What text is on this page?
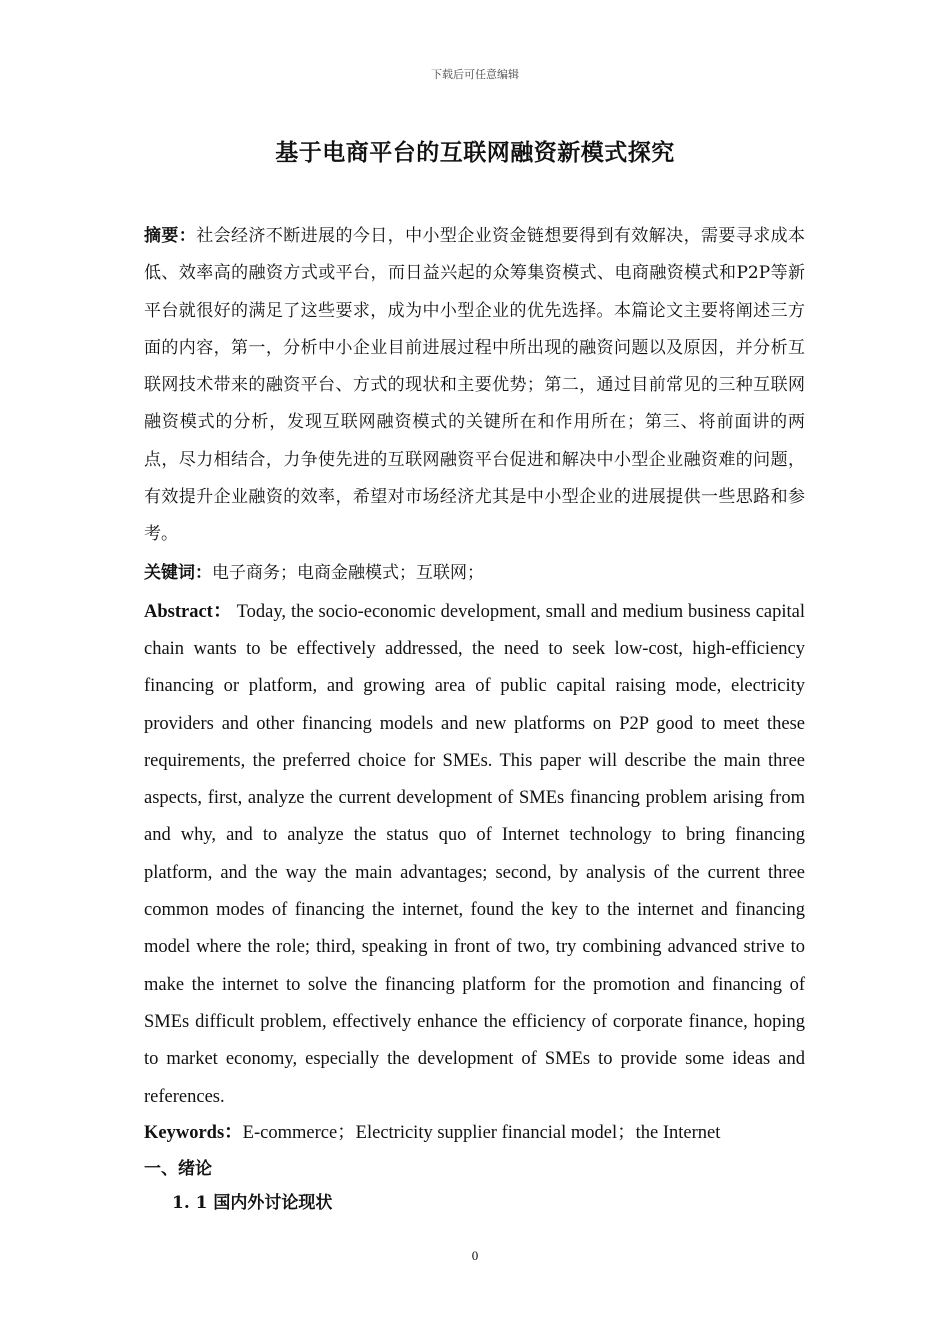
下载后可任意编辑
基于电商平台的互联网融资新模式探究

摘要：社会经济不断进展的今日，中小型企业资金链想要得到有效解决，需要寻求成本低、效率高的融资方式或平台，而日益兴起的众筹集资模式、电商融资模式和P2P等新平台就很好的满足了这些要求，成为中小型企业的优先选择。本篇论文主要将阐述三方面的内容，第一，分析中小企业目前进展过程中所出现的融资问题以及原因，并分析互联网技术带来的融资平台、方式的现状和主要优势；第二，通过目前常见的三种互联网融资模式的分析，发现互联网融资模式的关键所在和作用所在；第三、将前面讲的两点，尽力相结合，力争使先进的互联网融资平台促进和解决中小型企业融资难的问题，有效提升企业融资的效率，希望对市场经济尤其是中小型企业的进展提供一些思路和参考。

关键词：电子商务；电商金融模式；互联网；

Abstract： Today, the socio-economic development, small and medium business capital chain wants to be effectively addressed, the need to seek low-cost, high-efficiency financing or platform, and growing area of public capital raising mode, electricity providers and other financing models and new platforms on P2P good to meet these requirements, the preferred choice for SMEs. This paper will describe the main three aspects, first, analyze the current development of SMEs financing problem arising from and why, and to analyze the status quo of Internet technology to bring financing platform, and the way the main advantages; second, by analysis of the current three common modes of financing the internet, found the key to the internet and financing model where the role; third, speaking in front of two, try combining advanced strive to make the internet to solve the financing platform for the promotion and financing of SMEs difficult problem, effectively enhance the efficiency of corporate finance, hoping to market economy, especially the development of SMEs to provide some ideas and references.

Keywords：E-commerce；Electricity supplier financial model；the Internet

一、绪论

1. 1 国内外讨论现状

0
